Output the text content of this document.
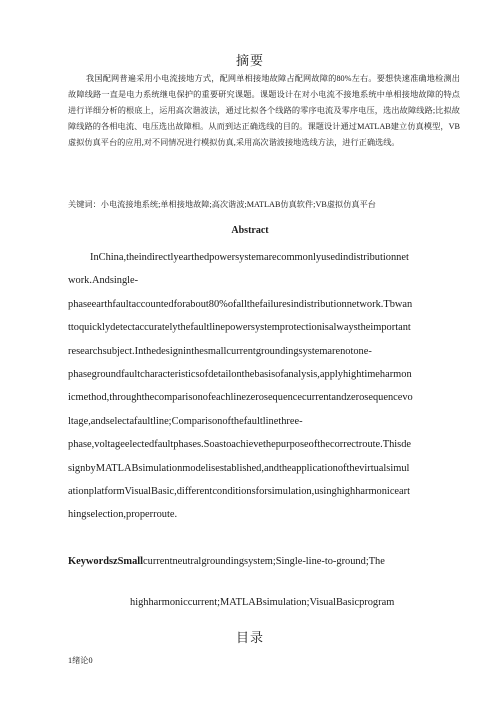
摘要
我国配网普遍采用小电流接地方式，配网单相接地故障占配网故障的80%左右。要想快速准确地检测出故障线路一直是电力系统继电保护的重要研究课题。课题设计在对小电流不接地系统中单相接地故障的特点进行详细分析的根底上，运用高次谐波法，通过比拟各个线路的零序电流及零序电压，选出故障线路;比拟故障线路的各相电流、电压选出故障相。从而到达正确选线的目的。课题设计通过MATLAB建立仿真模型，VB虚拟仿真平台的应用,对不同情况进行模拟仿真,采用高次谐波接地选线方法，进行正确选线。
关键词：小电流接地系统;单相接地故障;高次谐波;MATLAB仿真软件;VB虚拟仿真平台
Abstract
InChina,theindirectlyearthedpowersystemarecommonlyusedindistributionnet
work.Andsingle-
phaseearthfaultaccountedforabout80%ofallthefailuresindistributionnetwork.Tbwan
ttoquicklydetectaccuratelythefaultlinepowersystemprotectionisalwaystheimportant
researchsubject.Inthedesigninthesmallcurrentgroundingsystemarenotone-
phasegroundfaultcharacteristicsofdetailonthebasisofanalysis,applyhightimeharmon
icmethod,throughthecomparisonofeachlinezerosequencecurrentandzerosequencevo
ltage,andselectafaultline;Comparisonofthefaultlinethree-
phase,voltageelectedfaultphases.Soastoachievethepurposeofthecorrectroute.Thisde
signbyMATLABsimulationmodelisestablished,andtheapplicationofthevirtualsimul
ationplatformVisualBasic,differentconditionsforsimulation,usinghighharmoniceart
hingselection,properroute.
KeywordszSmallcurrentneutralgroundingsystem;Single-line-to-ground;The
highharmoniccurrent;MATLABsimulation;VisualBasicprogram
目录
1绪论0
